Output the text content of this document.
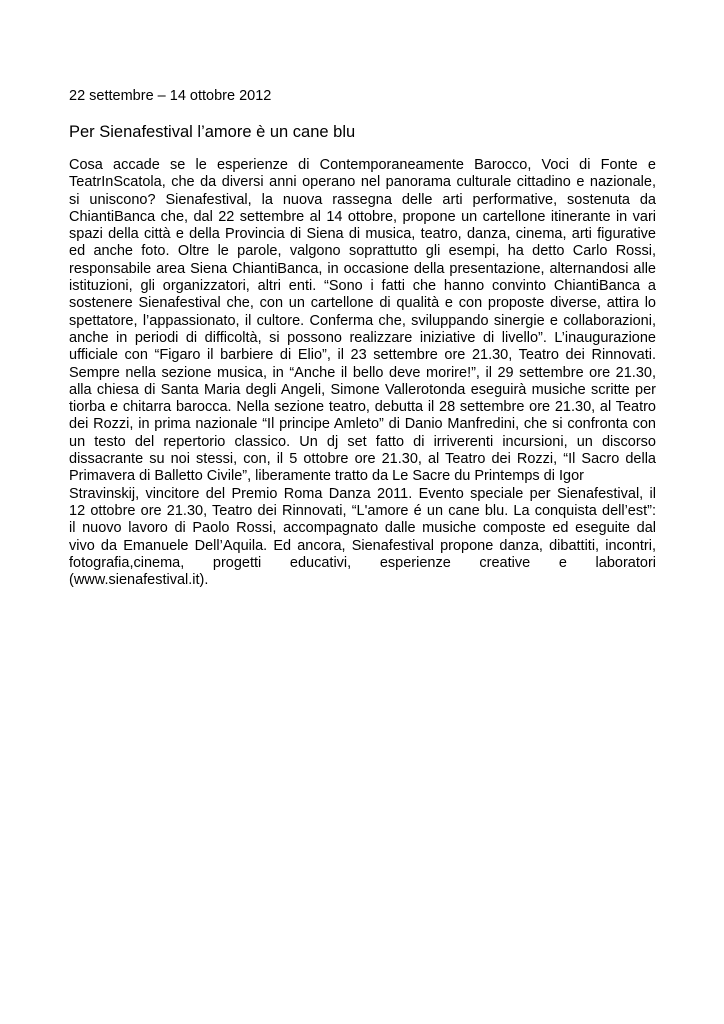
22 settembre – 14 ottobre 2012
Per Sienafestival l’amore è un cane blu
Cosa accade se le esperienze di Contemporaneamente Barocco, Voci di Fonte e
TeatrInScatola, che da diversi anni operano nel panorama culturale cittadino e nazionale,
si uniscono? Sienafestival, la nuova rassegna delle arti performative, sostenuta da
ChiantiBanca che, dal 22 settembre al 14 ottobre, propone un cartellone itinerante in vari
spazi della città e della Provincia di Siena di musica, teatro, danza, cinema, arti figurative
ed anche foto. Oltre le parole, valgono soprattutto gli esempi, ha detto Carlo Rossi,
responsabile area Siena ChiantiBanca, in occasione della presentazione, alternandosi alle
istituzioni, gli organizzatori, altri enti. “Sono i fatti che hanno convinto ChiantiBanca a
sostenere Sienafestival che, con un cartellone di qualità e con proposte diverse, attira lo
spettatore, l’appassionato, il cultore. Conferma che, sviluppando sinergie e collaborazioni,
anche in periodi di difficoltà, si possono realizzare iniziative di livello”. L’inaugurazione
ufficiale con “Figaro il barbiere di Elio”, il 23 settembre ore 21.30, Teatro dei Rinnovati.
Sempre nella sezione musica, in “Anche il bello deve morire!”, il 29 settembre ore 21.30,
alla chiesa di Santa Maria degli Angeli, Simone Vallerotonda eseguirà musiche scritte per
tiorba e chitarra barocca. Nella sezione teatro, debutta il 28 settembre ore 21.30, al Teatro
dei Rozzi, in prima nazionale “Il principe Amleto” di Danio Manfredini, che si confronta con
un testo del repertorio classico. Un dj set fatto di irriverenti incursioni, un discorso
dissacrante su noi stessi, con, il 5 ottobre ore 21.30, al Teatro dei Rozzi, “Il Sacro della
Primavera di Balletto Civile”, liberamente tratto da Le Sacre du Printemps di Igor
Stravinskij, vincitore del Premio Roma Danza 2011. Evento speciale per Sienafestival, il
12 ottobre ore 21.30, Teatro dei Rinnovati, “L'amore é un cane blu. La conquista dell’est”:
il nuovo lavoro di Paolo Rossi, accompagnato dalle musiche composte ed eseguite dal
vivo da Emanuele Dell’Aquila. Ed ancora, Sienafestival propone danza, dibattiti, incontri,
fotografia,cinema, progetti educativi, esperienze creative e laboratori
(www.sienafestival.it).
